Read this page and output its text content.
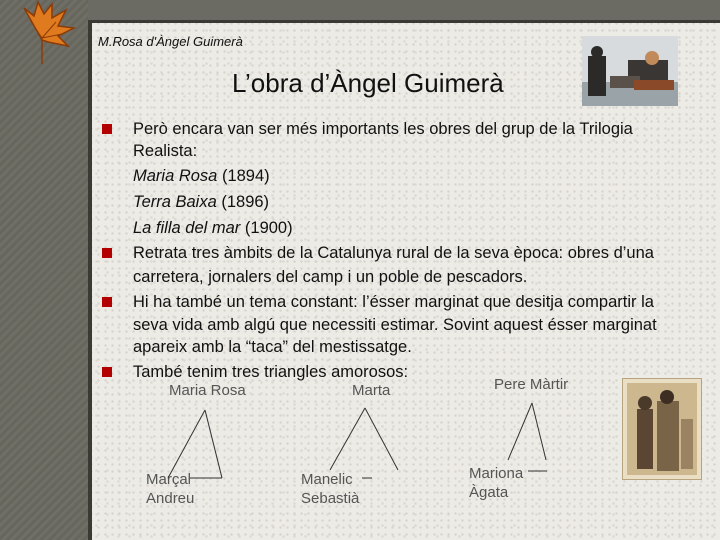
M.Rosa d'Àngel Guimerà
L’obra d’Àngel Guimerà
Però encara van ser més importants les obres del grup de la Trilogia
Realista:
Maria Rosa (1894)
Terra Baixa (1896)
La filla del mar (1900)
Retrata tres àmbits de la Catalunya rural de la seva època: obres d’una
carretera, jornalers del camp i un poble de pescadors.
Hi ha també un tema constant: l’ésser marginat que desitja compartir la
seva vida amb algú que necessiti estimar. Sovint aquest ésser marginat
apareix amb la “taca” del mestissatge.
També tenim tres triangles amorosos:
Maria Rosa
Marçal
Andreu
Marta
Manelic
Sebastià
Pere Màrtir
Mariona
Àgata
